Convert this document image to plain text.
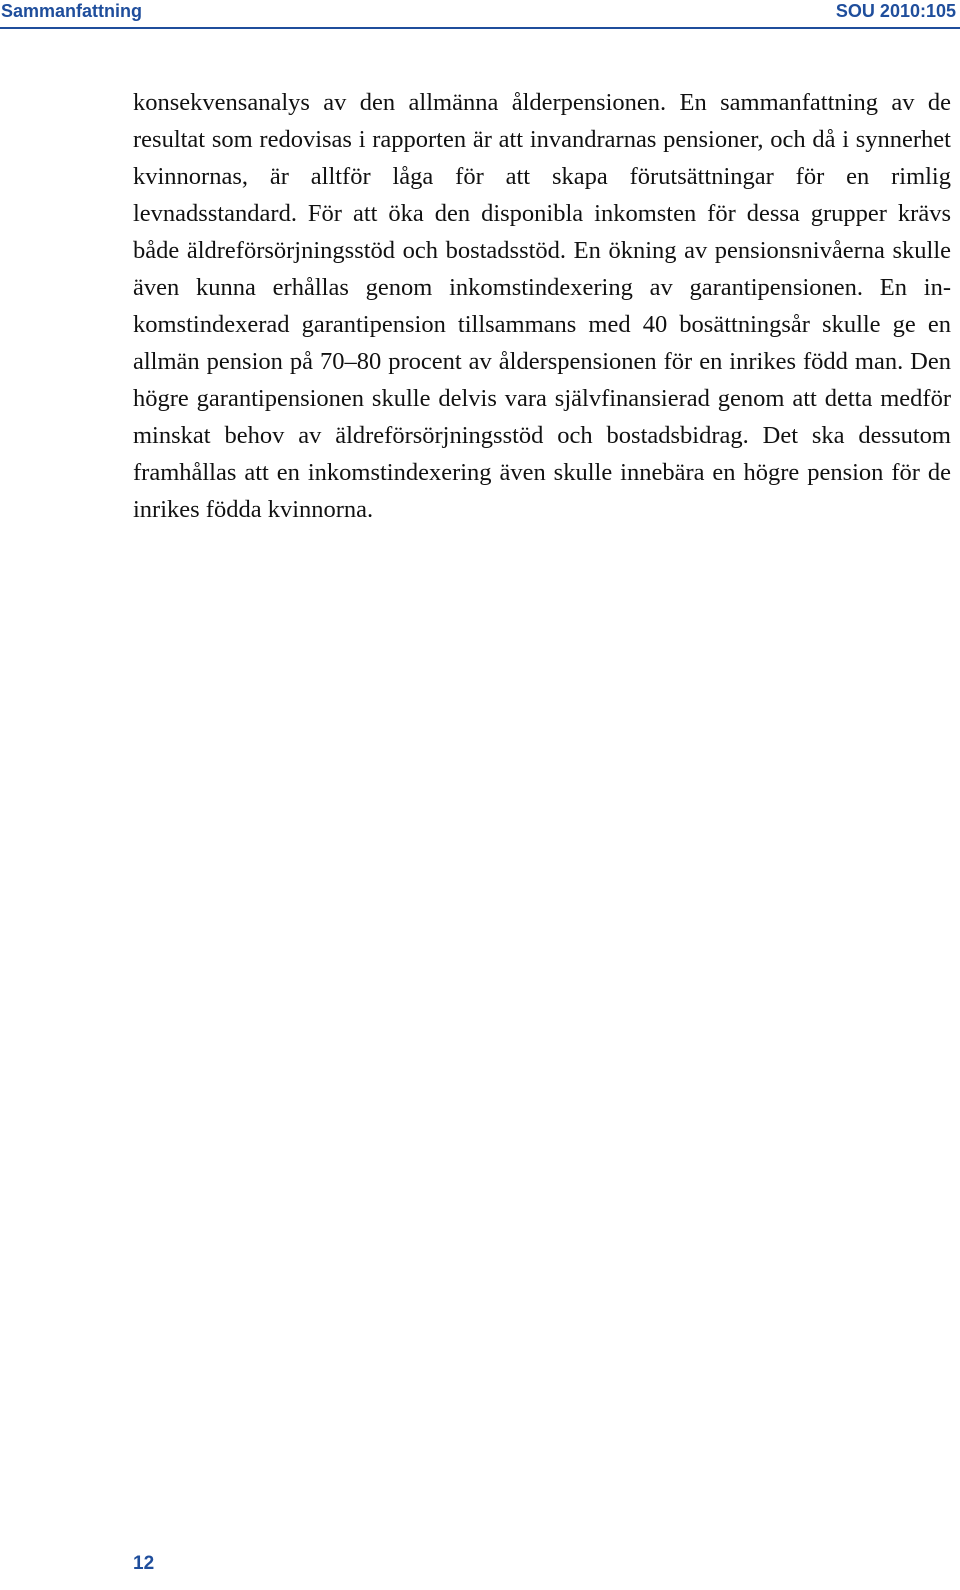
Sammanfattning	SOU 2010:105

konsekvensanalys av den allmänna ålderpensionen. En sammanfattning av de resultat som redovisas i rapporten är att invandrarnas pensioner, och då i synnerhet kvinnornas, är alltför låga för att skapa förutsättningar för en rimlig levnadsstandard. För att öka den disponibla inkomsten för dessa grupper krävs både äldreförsörjningsstöd och bostadsstöd. En ökning av pensionsnivåerna skulle även kunna erhållas genom inkomstindexering av garantipensionen. En inkomstindexerad garantipension tillsammans med 40 bosättningsår skulle ge en allmän pension på 70–80 procent av ålderspensionen för en inrikes född man. Den högre garantipensionen skulle delvis vara självfinansierad genom att detta medför minskat behov av äldreförsörjningsstöd och bostadsbidrag. Det ska dessutom framhållas att en inkomstindexering även skulle innebära en högre pension för de inrikes födda kvinnorna.

12
